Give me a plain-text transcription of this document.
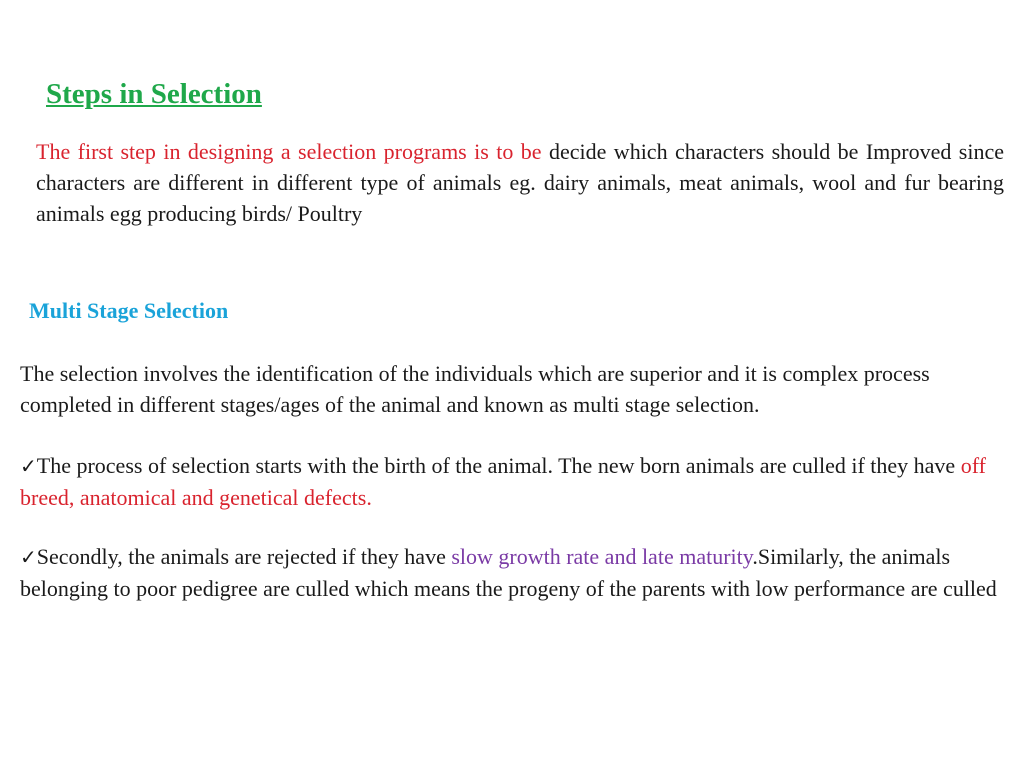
Steps in Selection

The first step in designing a selection programs is to be decide which characters should be Improved since characters are different in different type of animals eg. dairy animals, meat animals, wool and fur bearing animals egg producing birds/ Poultry

Multi Stage Selection

The selection involves the identification of the individuals which are superior and it is complex process completed in different stages/ages of the animal and known as multi stage selection.

✓The process of selection starts with the birth of the animal. The new born animals are culled if they have off breed, anatomical and genetical defects.

✓Secondly, the animals are rejected if they have slow growth rate and late maturity.Similarly, the animals belonging to poor pedigree are culled which means the progeny of the parents with low performance are culled
